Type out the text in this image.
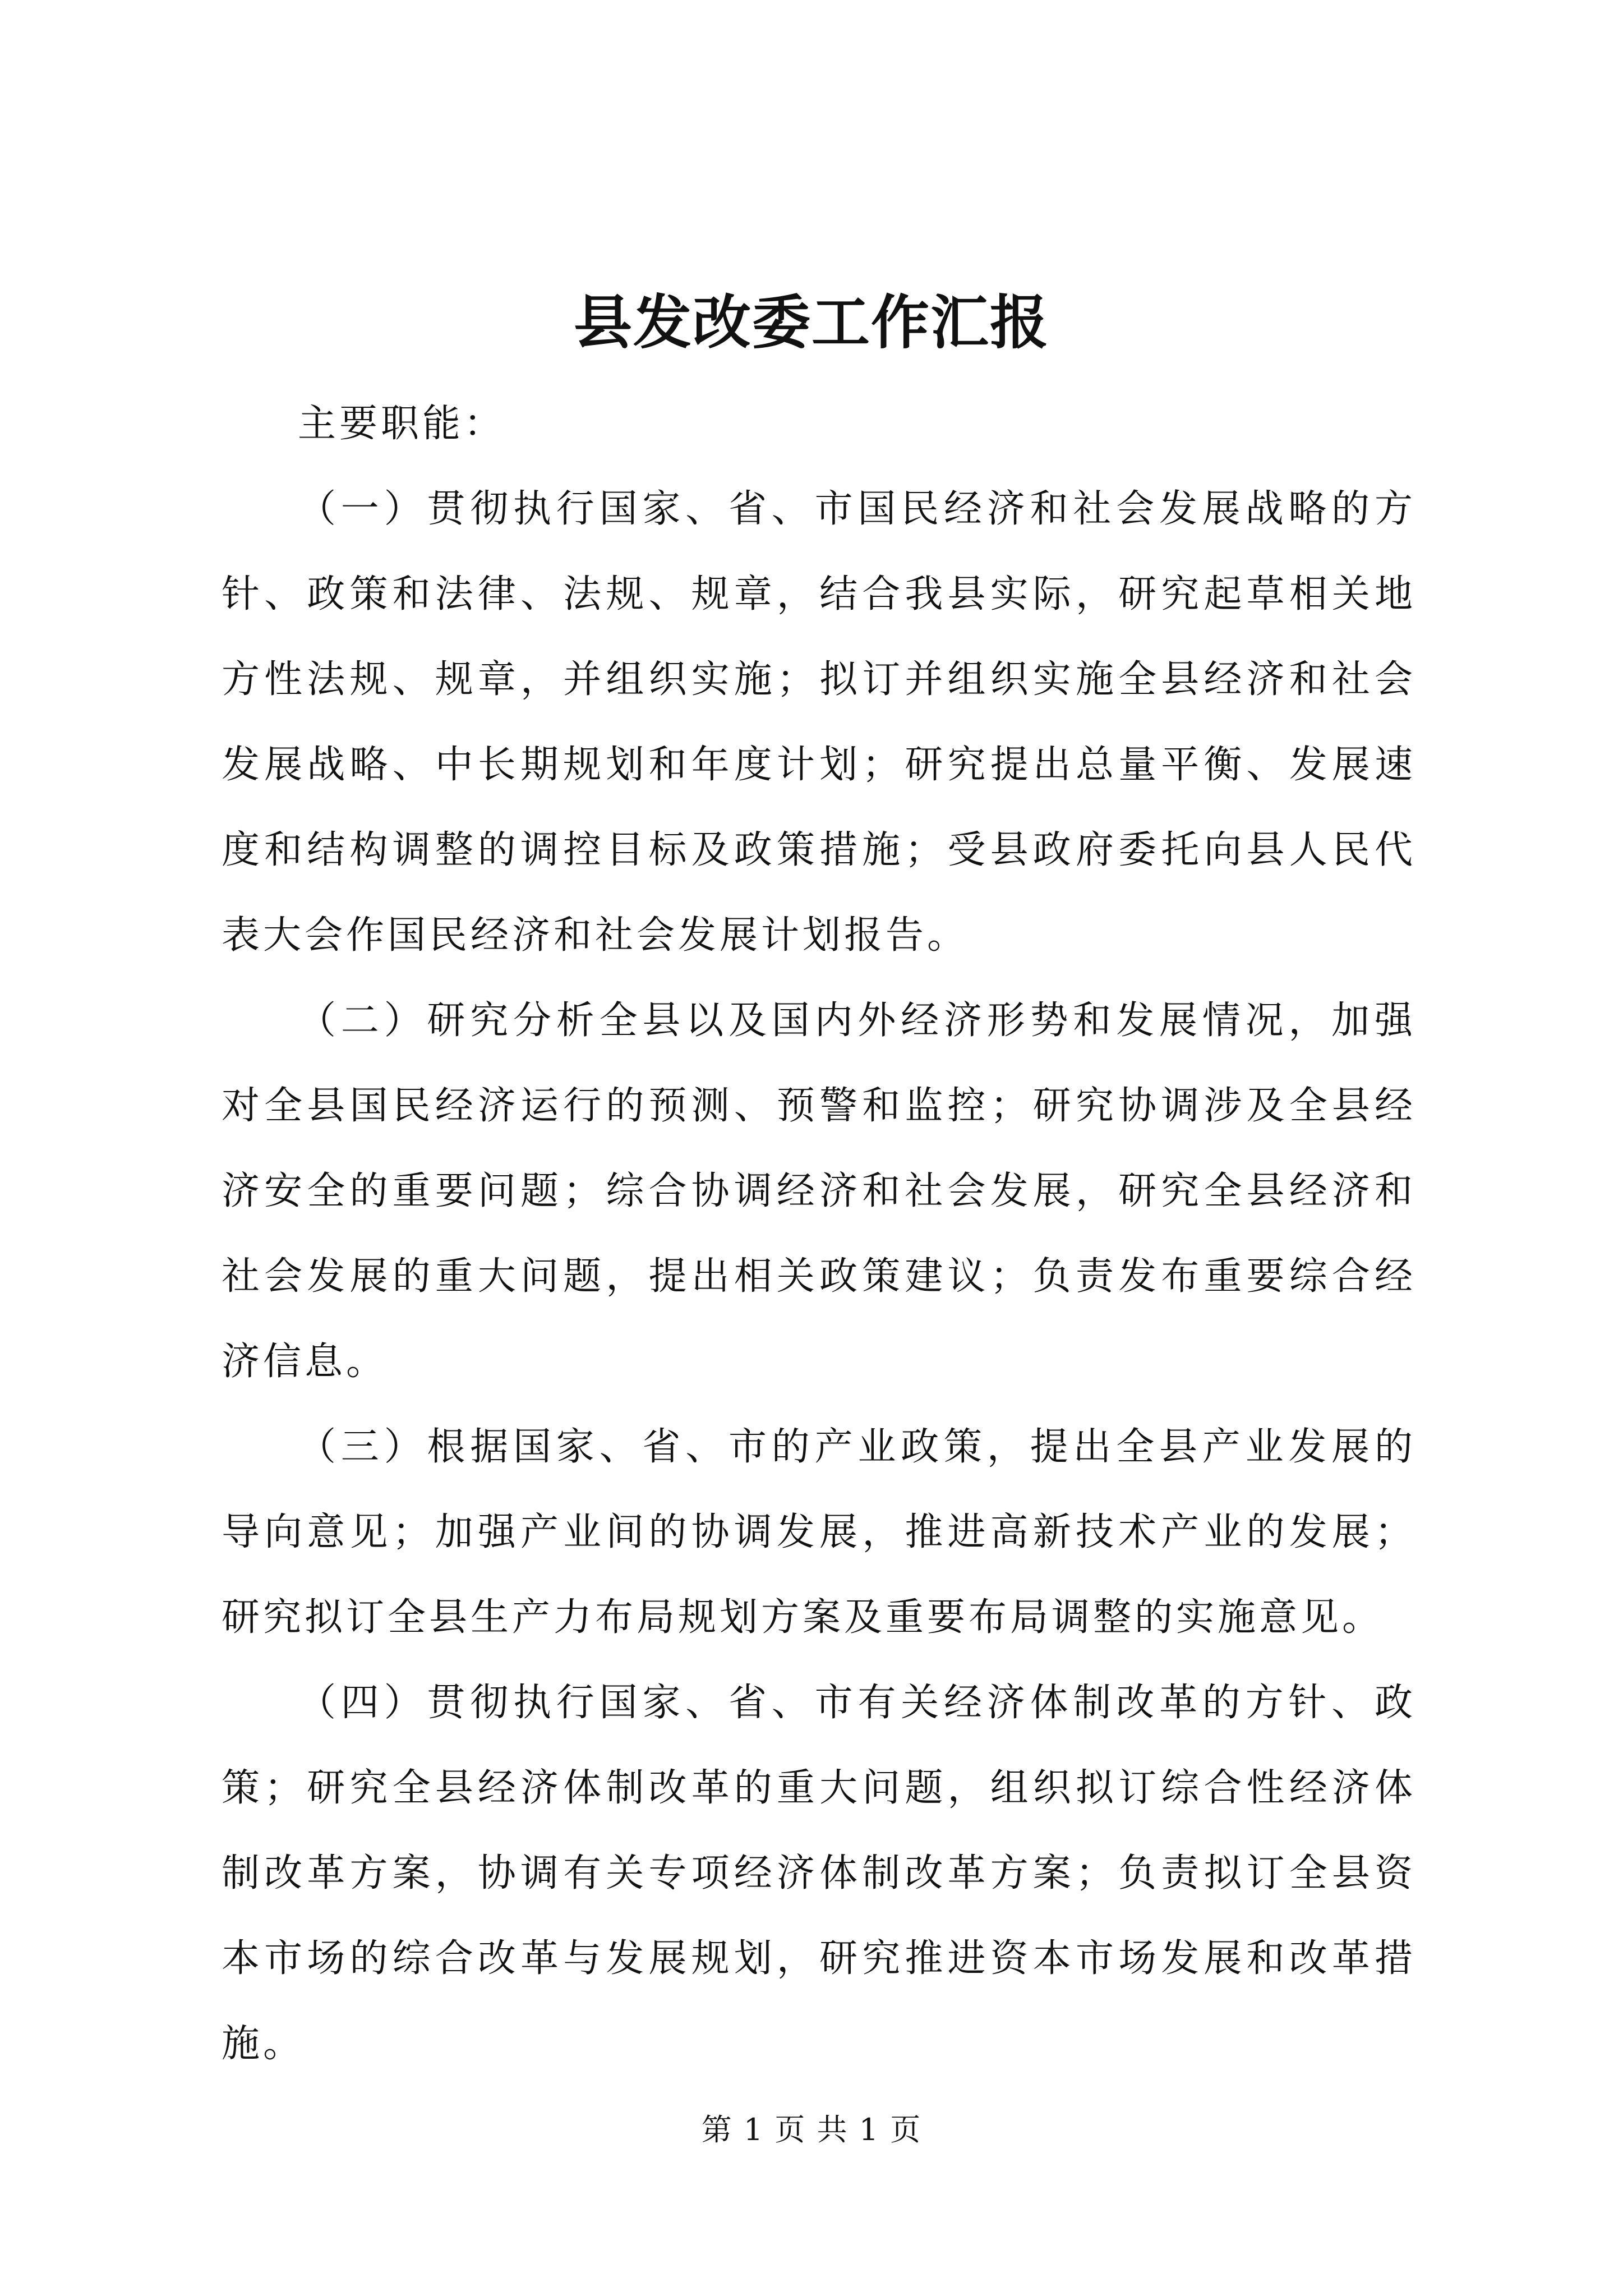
县发改委工作汇报

主要职能：

（一）贯彻执行国家、省、市国民经济和社会发展战略的方针、政策和法律、法规、规章，结合我县实际，研究起草相关地方性法规、规章，并组织实施；拟订并组织实施全县经济和社会发展战略、中长期规划和年度计划；研究提出总量平衡、发展速度和结构调整的调控目标及政策措施；受县政府委托向县人民代表大会作国民经济和社会发展计划报告。

（二）研究分析全县以及国内外经济形势和发展情况，加强对全县国民经济运行的预测、预警和监控；研究协调涉及全县经济安全的重要问题；综合协调经济和社会发展，研究全县经济和社会发展的重大问题，提出相关政策建议；负责发布重要综合经济信息。

（三）根据国家、省、市的产业政策，提出全县产业发展的导向意见；加强产业间的协调发展，推进高新技术产业的发展；研究拟订全县生产力布局规划方案及重要布局调整的实施意见。

（四）贯彻执行国家、省、市有关经济体制改革的方针、政策；研究全县经济体制改革的重大问题，组织拟订综合性经济体制改革方案，协调有关专项经济体制改革方案；负责拟订全县资本市场的综合改革与发展规划，研究推进资本市场发展和改革措施。

第 1 页 共 1 页
